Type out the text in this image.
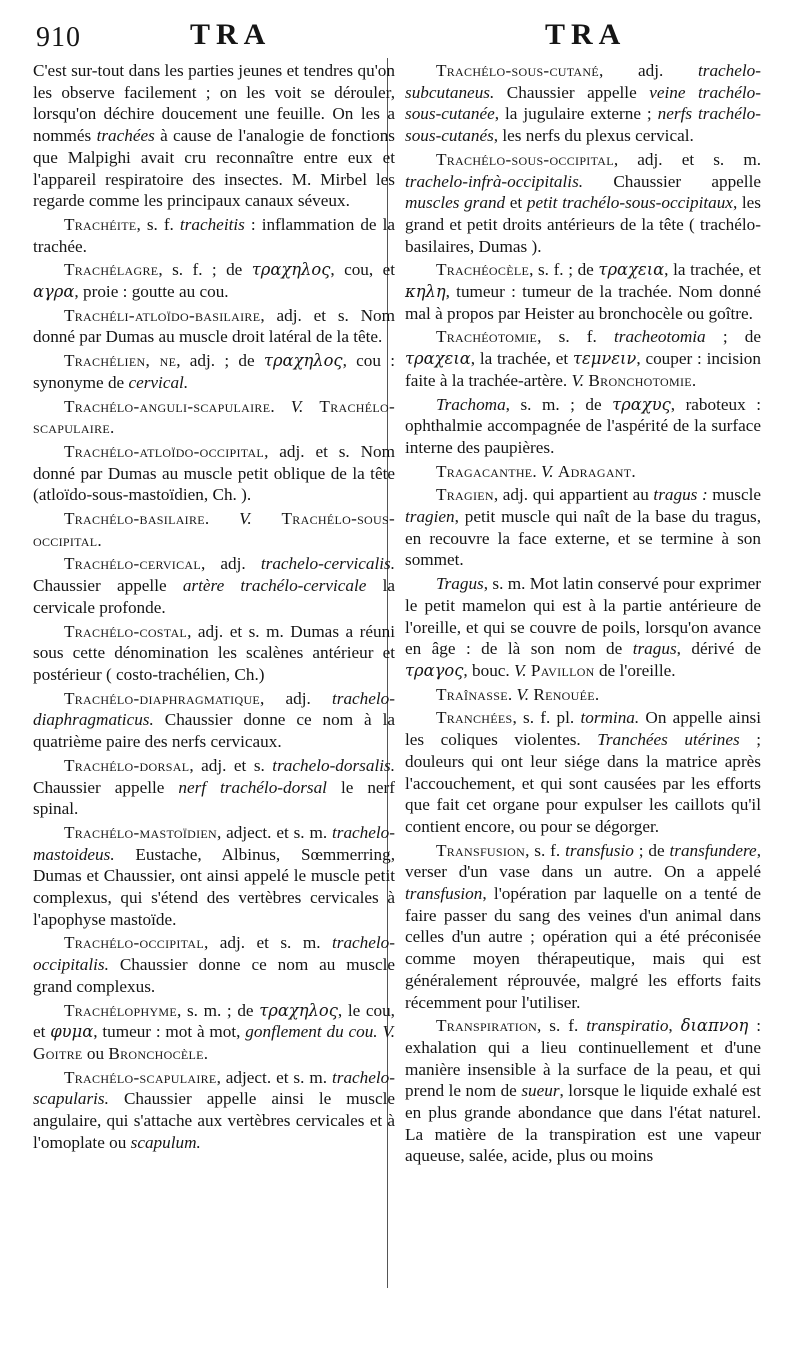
910	TRA	TRA

C'est sur-tout dans les parties jeunes et tendres qu'on les observe facilement ; on les voit se dérouler, lorsqu'on déchire doucement une feuille. On les a nommés trachées à cause de l'analogie de fonctions que Malpighi avait cru reconnaître entre eux et l'appareil respiratoire des insectes. M. Mirbel les regarde comme les principaux canaux séveux.

Trachéite, s. f. tracheitis : inflammation de la trachée.

Trachélagre, s. f. ; de τραχηλος, cou, et αγρα, proie : goutte au cou.

Trachéli-atloïdo-basilaire, adj. et s. Nom donné par Dumas au muscle droit latéral de la tête.

Trachélien, ne, adj. ; de τραχηλος, cou : synonyme de cervical.

Trachélo-anguli-scapulaire. V. Trachélo-scapulaire.

Trachélo-atloïdo-occipital, adj. et s. Nom donné par Dumas au muscle petit oblique de la tête (atloïdo-sous-mastoïdien, Ch. ).

Trachélo-basilaire. V. Trachélo-sous-occipital.

Trachélo-cervical, adj. trachelo-cervicalis. Chaussier appelle artère trachélo-cervicale la cervicale profonde.

Trachélo-costal, adj. et s. m. Dumas a réuni sous cette dénomination les scalènes antérieur et postérieur ( costo-trachélien, Ch.)

Trachélo-diaphragmatique, adj. trachelo-diaphragmaticus. Chaussier donne ce nom à la quatrième paire des nerfs cervicaux.

Trachélo-dorsal, adj. et s. trachelo-dorsalis. Chaussier appelle nerf trachélo-dorsal le nerf spinal.

Trachélo-mastoïdien, adject. et s. m. trachelo-mastoideus. Eustache, Albinus, Sœmmerring, Dumas et Chaussier, ont ainsi appelé le muscle petit complexus, qui s'étend des vertèbres cervicales à l'apophyse mastoïde.

Trachélo-occipital, adj. et s. m. trachelo-occipitalis. Chaussier donne ce nom au muscle grand complexus.

Trachélophyme, s. m. ; de τραχηλος, le cou, et φυμα, tumeur : mot à mot, gonflement du cou. V. Goitre ou Bronchocèle.

Trachélo-scapulaire, adject. et s. m. trachelo-scapularis. Chaussier appelle ainsi le muscle angulaire, qui s'attache aux vertèbres cervicales et à l'omoplate ou scapulum.

Trachélo-sous-cutané, adj. trachelo-subcutaneus. Chaussier appelle veine trachélo-sous-cutanée, la jugulaire externe ; nerfs trachélo-sous-cutanés, les nerfs du plexus cervical.

Trachélo-sous-occipital, adj. et s. m. trachelo-infrà-occipitalis. Chaussier appelle muscles grand et petit trachélo-sous-occipitaux, les grand et petit droits antérieurs de la tête ( trachélo-basilaires, Dumas ).

Trachéocèle, s. f. ; de τραχεια, la trachée, et κηλη, tumeur : tumeur de la trachée. Nom donné mal à propos par Heister au bronchocèle ou goître.

Trachéotomie, s. f. tracheotomia ; de τραχεια, la trachée, et τεμνειν, couper : incision faite à la trachée-artère. V. Bronchotomie.

Trachoma, s. m. ; de τραχυς, raboteux : ophthalmie accompagnée de l'aspérité de la surface interne des paupières.

Tragacanthe. V. Adragant.

Tragien, adj. qui appartient au tragus : muscle tragien, petit muscle qui naît de la base du tragus, en recouvre la face externe, et se termine à son sommet.

Tragus, s. m. Mot latin conservé pour exprimer le petit mamelon qui est à la partie antérieure de l'oreille, et qui se couvre de poils, lorsqu'on avance en âge : de là son nom de tragus, dérivé de τραγος, bouc. V. Pavillon de l'oreille.

Traînasse. V. Renouée.

Tranchées, s. f. pl. tormina. On appelle ainsi les coliques violentes. Tranchées utérines ; douleurs qui ont leur siége dans la matrice après l'accouchement, et qui sont causées par les efforts que fait cet organe pour expulser les caillots qu'il contient encore, ou pour se dégorger.

Transfusion, s. f. transfusio ; de transfundere, verser d'un vase dans un autre. On a appelé transfusion, l'opération par laquelle on a tenté de faire passer du sang des veines d'un animal dans celles d'un autre ; opération qui a été préconisée comme moyen thérapeutique, mais qui est généralement réprouvée, malgré les efforts faits récemment pour l'utiliser.

Transpiration, s. f. transpiratio, διαπνοη : exhalation qui a lieu continuellement et d'une manière insensible à la surface de la peau, et qui prend le nom de sueur, lorsque le liquide exhalé est en plus grande abondance que dans l'état naturel. La matière de la transpiration est une vapeur aqueuse, salée, acide, plus ou moins
